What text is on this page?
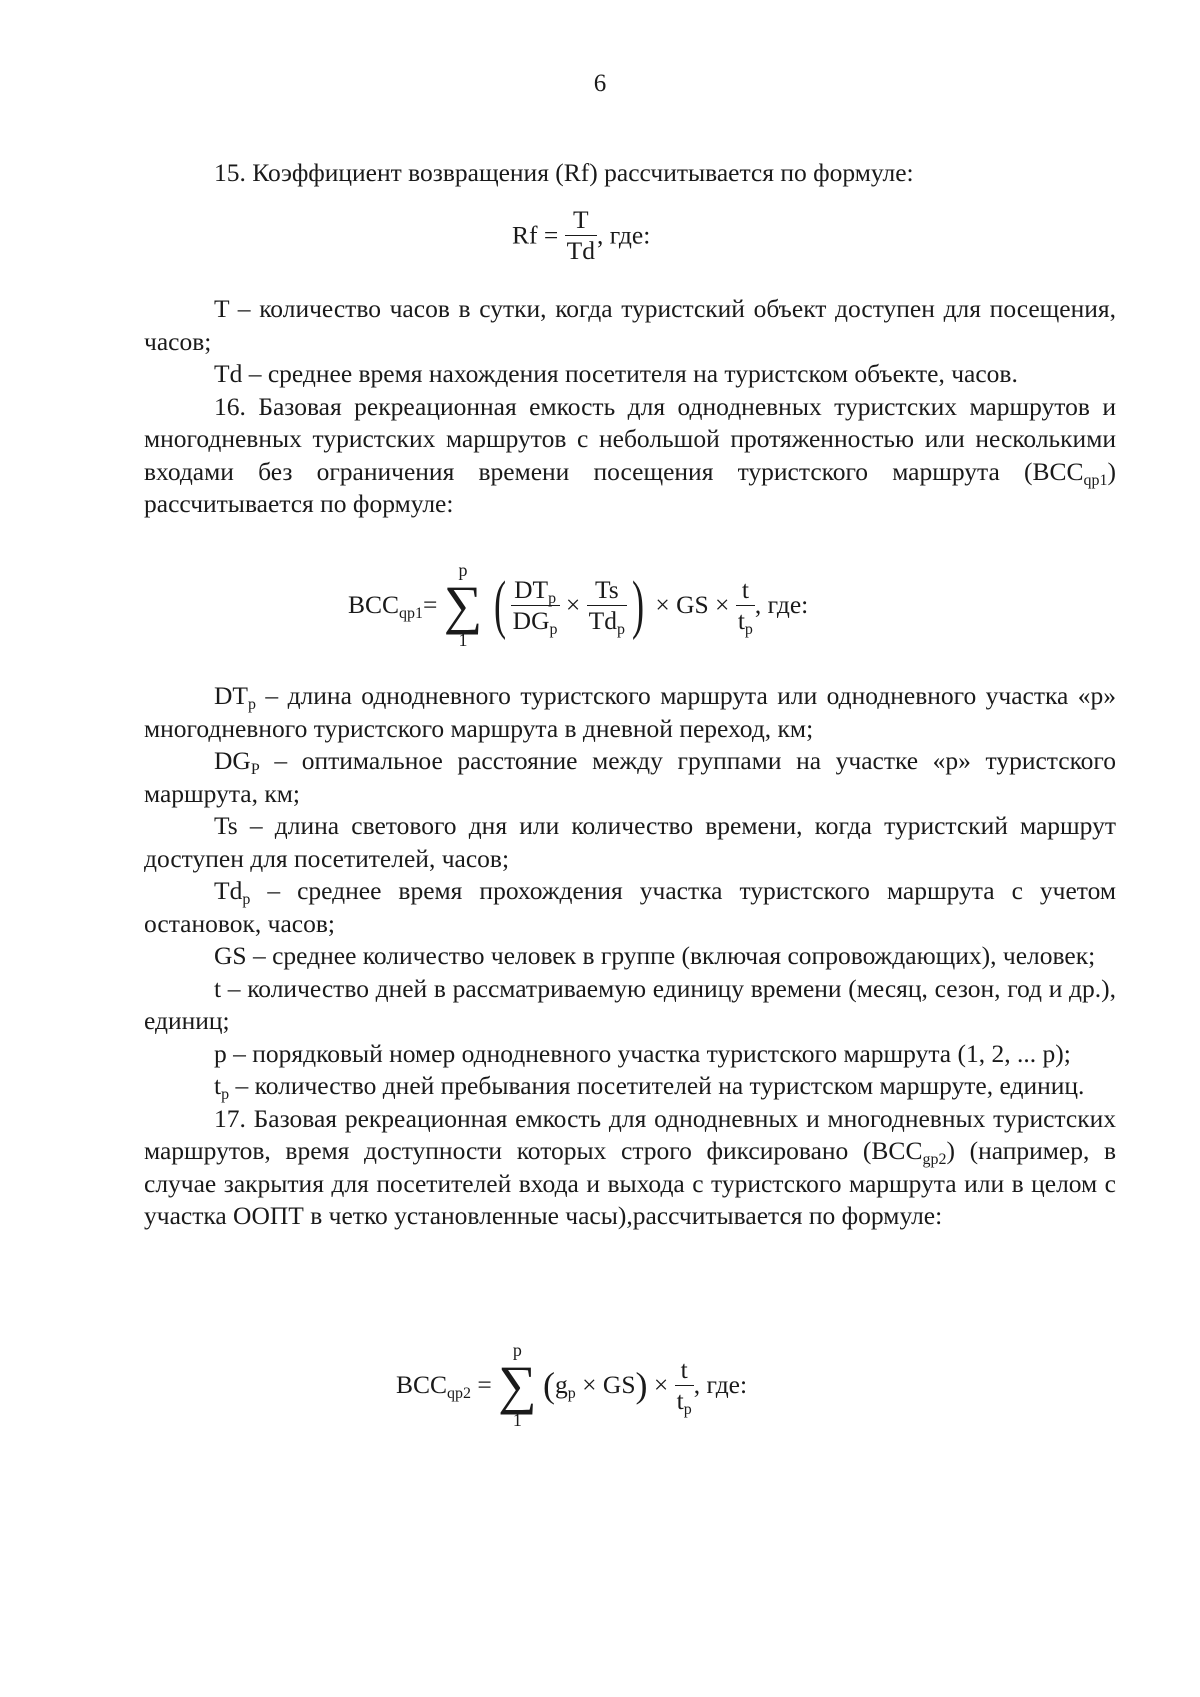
6
15. Коэффициент возвращения (Rf) рассчитывается по формуле:
$Rf = \frac{T}{Td}$ , где:

T – количество часов в сутки, когда туристский объект доступен для посещения, часов;

Td – среднее время нахождения посетителя на туристском объекте, часов.

16. Базовая рекреационная емкость для однодневных туристских маршрутов и многодневных туристских маршрутов с небольшой протяженностью или несколькими входами без ограничения времени посещения туристского маршрута $(BCC_{qp1})$ рассчитывается по формуле:

$BCC_{qp1}=$
p
∑
1 ( $\frac{DT_p}{DG_p} \times \frac{Ts}{Td_p}$ ) × GS × $\frac{t}{t_p}$ , где:

$DT_p$ – длина однодневного туристского маршрута или однодневного участка «р» многодневного туристского маршрута в дневной переход, км;

$DG_P$ – оптимальное расстояние между группами на участке «р» туристского маршрута, км;

Ts – длина светового дня или количество времени, когда туристский маршрут доступен для посетителей, часов;

$Td_p$ – среднее время прохождения участка туристского маршрута с учетом остановок, часов;

GS – среднее количество человек в группе (включая сопровождающих), человек;

t – количество дней в рассматриваемую единицу времени (месяц, сезон, год и др.), единиц;

р – порядковый номер однодневного участка туристского маршрута (1, 2, ... р);

$t_p$ – количество дней пребывания посетителей на туристском маршруте, единиц.

17. Базовая рекреационная емкость для однодневных и многодневных туристских маршрутов, время доступности которых строго фиксировано $(BCC_{gp2})$ (например, в случае закрытия для посетителей входа и выхода с туристского маршрута или в целом с участка ООПТ в четко установленные часы),рассчитывается по формуле:

$BCC_{qp2}$ =
p
∑
1
$(g_p \times GS) \times \frac{t}{t_p}$ , где:
